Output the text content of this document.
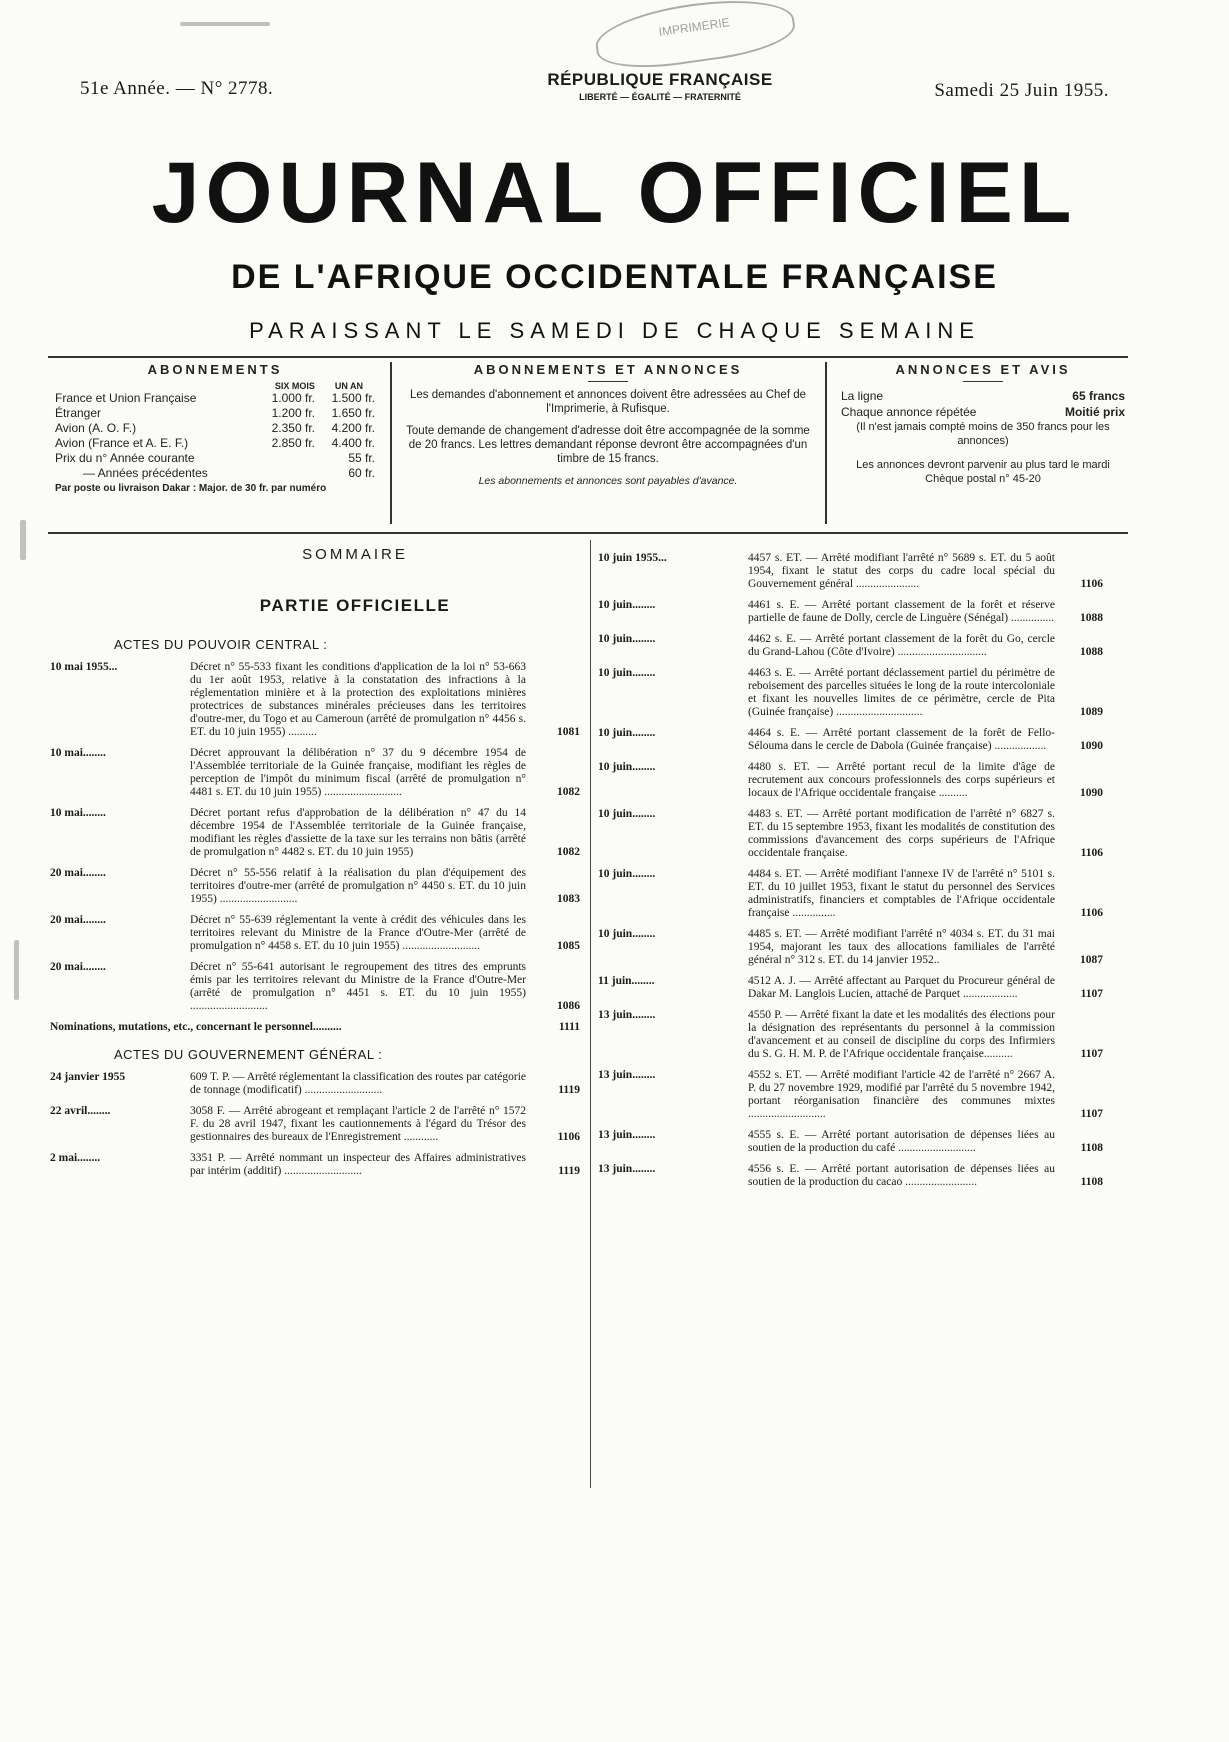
IMPRIMERIE
51e Année. — N° 2778.	RÉPUBLIQUE FRANÇAISE
LIBERTÉ — ÉGALITÉ — FRATERNITÉ	Samedi 25 Juin 1955.
JOURNAL OFFICIEL
DE L'AFRIQUE OCCIDENTALE FRANÇAISE
PARAISSANT LE SAMEDI DE CHAQUE SEMAINE
ABONNEMENTS
SIX MOIS UN AN
France et Union Française	1.000 fr.	1.500 fr.
Étranger	1.200 fr.	1.650 fr.
Avion (A. O. F.)	2.350 fr.	4.200 fr.
Avion (France et A. E. F.)	2.850 fr.	4.400 fr.
Prix du n° Année courante	55 fr.
— Années précédentes	60 fr.
Par poste ou livraison Dakar : Major. de 30 fr. par numéro
ABONNEMENTS ET ANNONCES

Les demandes d'abonnement et annonces doivent être adressées au Chef de l'Imprimerie, à Rufisque.

Toute demande de changement d'adresse doit être accompagnée de la somme de 20 francs. Les lettres demandant réponse devront être accompagnées d'un timbre de 15 francs.

Les abonnements et annonces sont payables d'avance.

ANNONCES ET AVIS
La ligne	65 francs
Chaque annonce répétée	Moitié prix

(Il n'est jamais compté moins de 350 francs pour les annonces)

Les annonces devront parvenir au plus tard le mardi

Chèque postal n° 45-20

SOMMAIRE
PARTIE OFFICIELLE
ACTES DU POUVOIR CENTRAL :
10 mai 1955...	Décret n° 55-533 fixant les conditions d'application de la loi n° 53-663 du 1er août 1953, relative à la constatation des infractions à la réglementation minière et à la protection des exploitations minières protectrices de substances minérales précieuses dans les territoires d'outre-mer, du Togo et au Cameroun (arrêté de promulgation n° 4456 s. ET. du 10 juin 1955) ..........	1081
10 mai........	Décret approuvant la délibération n° 37 du 9 décembre 1954 de l'Assemblée territoriale de la Guinée française, modifiant les règles de perception de l'impôt du minimum fiscal (arrêté de promulgation n° 4481 s. ET. du 10 juin 1955) ...........................	1082
10 mai........	Décret portant refus d'approbation de la délibération n° 47 du 14 décembre 1954 de l'Assemblée territoriale de la Guinée française, modifiant les règles d'assiette de la taxe sur les terrains non bâtis (arrêté de promulgation n° 4482 s. ET. du 10 juin 1955)	1082
20 mai........	Décret n° 55-556 relatif à la réalisation du plan d'équipement des territoires d'outre-mer (arrêté de promulgation n° 4450 s. ET. du 10 juin 1955) ...........................	1083
20 mai........	Décret n° 55-639 réglementant la vente à crédit des véhicules dans les territoires relevant du Ministre de la France d'Outre-Mer (arrêté de promulgation n° 4458 s. ET. du 10 juin 1955) ...........................	1085
20 mai........	Décret n° 55-641 autorisant le regroupement des titres des emprunts émis par les territoires relevant du Ministre de la France d'Outre-Mer (arrêté de promulgation n° 4451 s. ET. du 10 juin 1955) ...........................	1086
Nominations, mutations, etc., concernant le personnel..........	1111
ACTES DU GOUVERNEMENT GÉNÉRAL :
24 janvier 1955	609 T. P. — Arrêté réglementant la classification des routes par catégorie de tonnage (modificatif) ...........................	1119
22 avril........	3058 F. — Arrêté abrogeant et remplaçant l'article 2 de l'arrêté n° 1572 F. du 28 avril 1947, fixant les cautionnements à l'égard du Trésor des gestionnaires des bureaux de l'Enregistrement ............	1106
2 mai........	3351 P. — Arrêté nommant un inspecteur des Affaires administratives par intérim (additif) ...........................	1119
10 juin 1955...	4457 s. ET. — Arrêté modifiant l'arrêté n° 5689 s. ET. du 5 août 1954, fixant le statut des corps du cadre local spécial du Gouvernement général ......................	1106
10 juin........	4461 s. E. — Arrêté portant classement de la forêt et réserve partielle de faune de Dolly, cercle de Linguère (Sénégal) ...............	1088
10 juin........	4462 s. E. — Arrêté portant classement de la forêt du Go, cercle du Grand-Lahou (Côte d'Ivoire) ...............................	1088
10 juin........	4463 s. E. — Arrêté portant déclassement partiel du périmètre de reboisement des parcelles situées le long de la route intercoloniale et fixant les nouvelles limites de ce périmètre, cercle de Pita (Guinée française) ..............................	1089
10 juin........	4464 s. E. — Arrêté portant classement de la forêt de Fello-Séloumа dans le cercle de Dabola (Guinée française) ..................	1090
10 juin........	4480 s. ET. — Arrêté portant recul de la limite d'âge de recrutement aux concours professionnels des corps supérieurs et locaux de l'Afrique occidentale française ..........	1090
10 juin........	4483 s. ET. — Arrêté portant modification de l'arrêté n° 6827 s. ET. du 15 septembre 1953, fixant les modalités de constitution des commissions d'avancement des corps supérieurs de l'Afrique occidentale française.	1106
10 juin........	4484 s. ET. — Arrêté modifiant l'annexe IV de l'arrêté n° 5101 s. ET. du 10 juillet 1953, fixant le statut du personnel des Services administratifs, financiers et comptables de l'Afrique occidentale française ...............	1106
10 juin........	4485 s. ET. — Arrêté modifiant l'arrêté n° 4034 s. ET. du 31 mai 1954, majorant les taux des allocations familiales de l'arrêté général n° 312 s. ET. du 14 janvier 1952..	1087
11 juin........	4512 A. J. — Arrêté affectant au Parquet du Procureur général de Dakar M. Langlois Lucien, attaché de Parquet ...................	1107
13 juin........	4550 P. — Arrêté fixant la date et les modalités des élections pour la désignation des représentants du personnel à la commission d'avancement et au conseil de discipline du corps des Infirmiers du S. G. H. M. P. de l'Afrique occidentale française..........	1107
13 juin........	4552 s. ET. — Arrêté modifiant l'article 42 de l'arrêté n° 2667 A. P. du 27 novembre 1929, modifié par l'arrêté du 5 novembre 1942, portant réorganisation financière des communes mixtes ...........................	1107
13 juin........	4555 s. E. — Arrêté portant autorisation de dépenses liées au soutien de la production du café ...........................	1108
13 juin........	4556 s. E. — Arrêté portant autorisation de dépenses liées au soutien de la production du cacao .........................	1108
